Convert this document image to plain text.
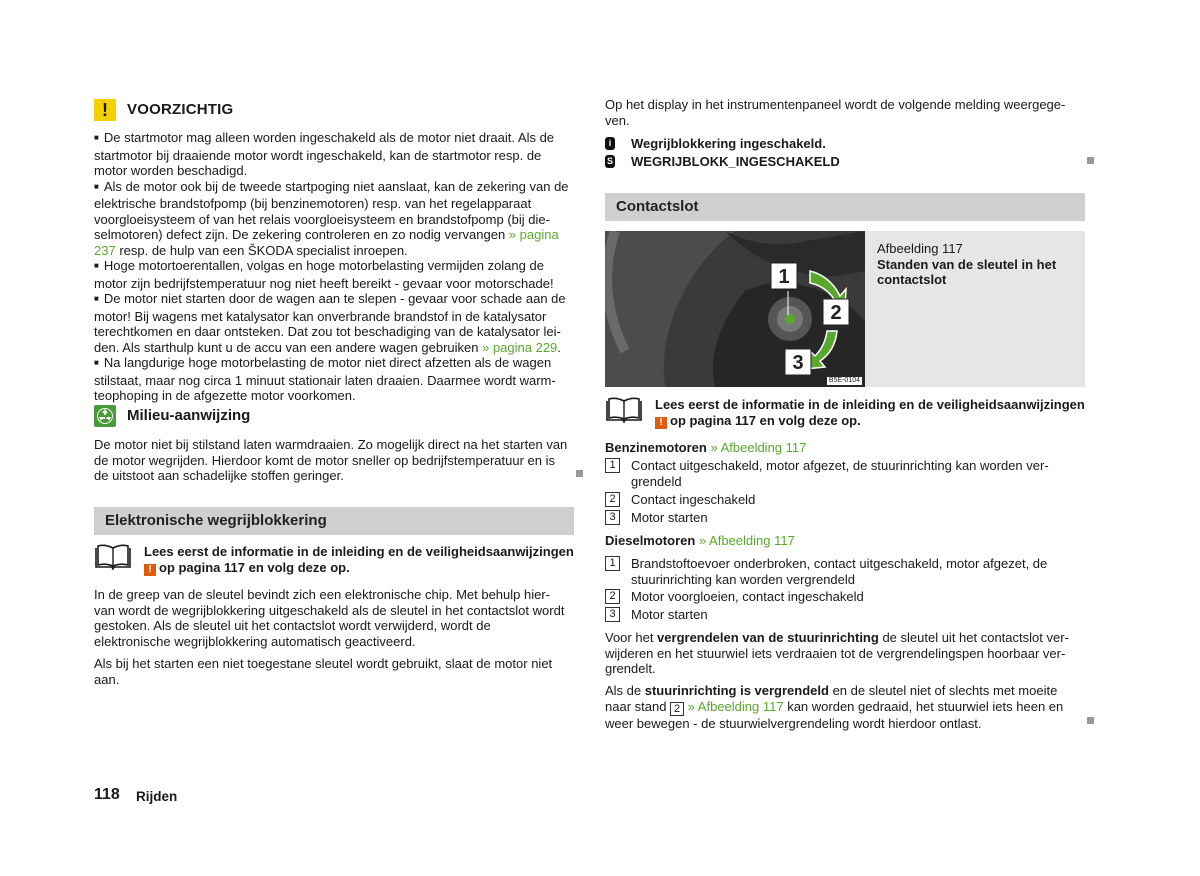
!	VOORZICHTIG

■ De startmotor mag alleen worden ingeschakeld als de motor niet draait. Als de startmotor bij draaiende motor wordt ingeschakeld, kan de startmotor resp. de motor worden beschadigd.

■ Als de motor ook bij de tweede startpoging niet aanslaat, kan de zekering van de elektrische brandstofpomp (bij benzinemotoren) resp. van het regelapparaat voorgloeisysteem of van het relais voorgloeisysteem en brandstofpomp (bij die-selmotoren) defect zijn. De zekering controleren en zo nodig vervangen » pagina 237 resp. de hulp van een ŠKODA specialist inroepen.

■ Hoge motortoerentallen, volgas en hoge motorbelasting vermijden zolang de motor zijn bedrijfstemperatuur nog niet heeft bereikt - gevaar voor motorschade!

■ De motor niet starten door de wagen aan te slepen - gevaar voor schade aan de motor! Bij wagens met katalysator kan onverbrande brandstof in de katalysator terechtkomen en daar ontsteken. Dat zou tot beschadiging van de katalysator lei-den. Als starthulp kunt u de accu van een andere wagen gebruiken » pagina 229.

■ Na langdurige hoge motorbelasting de motor niet direct afzetten als de wagen stilstaat, maar nog circa 1 minuut stationair laten draaien. Daarmee wordt warm-teophoping in de afgezette motor voorkomen.

Milieu-aanwijzing
De motor niet bij stilstand laten warmdraaien. Zo mogelijk direct na het starten van de motor wegrijden. Hierdoor komt de motor sneller op bedrijfstemperatuur en is de uitstoot aan schadelijke stoffen geringer.
Elektronische wegrijblokkering
Lees eerst de informatie in de inleiding en de veiligheidsaanwijzingen
! op pagina 117 en volg deze op.

In de greep van de sleutel bevindt zich een elektronische chip. Met behulp hier-van wordt de wegrijblokkering uitgeschakeld als de sleutel in het contactslot wordt gestoken. Als de sleutel uit het contactslot wordt verwijderd, wordt de elektronische wegrijblokkering automatisch geactiveerd.

Als bij het starten een niet toegestane sleutel wordt gebruikt, slaat de motor niet aan.

118 Rijden

Op het display in het instrumentenpaneel wordt de volgende melding weergege-ven.

i Wegrijblokkering ingeschakeld.
S WEGRIJBLOKK_INGESCHAKELD
Contactslot
1
2
3
B5E-0104
Afbeelding 117
Standen van de sleutel in het contactslot
Lees eerst de informatie in de inleiding en de veiligheidsaanwijzingen
! op pagina 117 en volg deze op.
Benzinemotoren » Afbeelding 117
1	Contact uitgeschakeld, motor afgezet, de stuurinrichting kan worden ver-grendeld
2	Contact ingeschakeld
3	Motor starten
Dieselmotoren » Afbeelding 117
1	Brandstoftoevoer onderbroken, contact uitgeschakeld, motor afgezet, de stuurinrichting kan worden vergrendeld
2	Motor voorgloeien, contact ingeschakeld
3	Motor starten

Voor het vergrendelen van de stuurinrichting de sleutel uit het contactslot ver-wijderen en het stuurwiel iets verdraaien tot de vergrendelingspen hoorbaar ver-grendelt.

Als de stuurinrichting is vergrendeld en de sleutel niet of slechts met moeite naar stand 2 » Afbeelding 117 kan worden gedraaid, het stuurwiel iets heen en weer bewegen - de stuurwielvergrendeling wordt hierdoor ontlast.
